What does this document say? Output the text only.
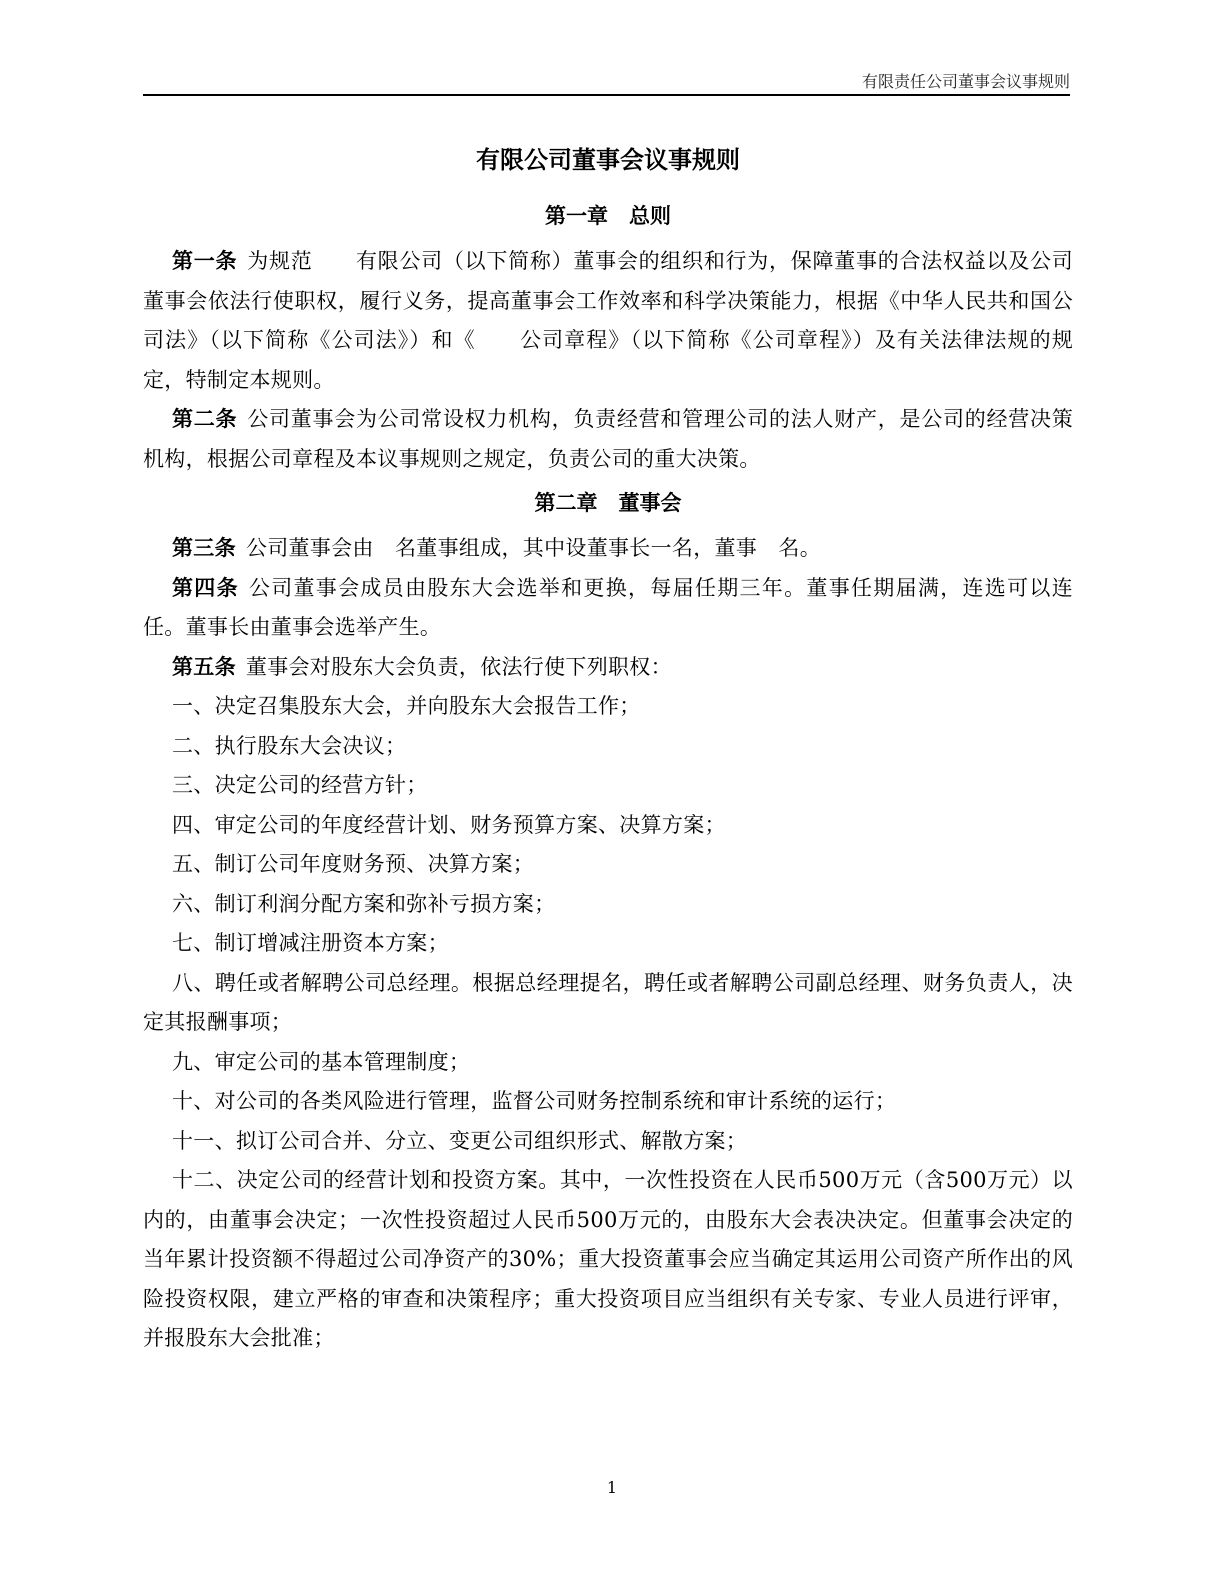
有限责任公司董事会议事规则
有限公司董事会议事规则
第一章　总则

第一条 为规范　　有限公司（以下简称）董事会的组织和行为，保障董事的合法权益以及公司董事会依法行使职权，履行义务，提高董事会工作效率和科学决策能力，根据《中华人民共和国公司法》（以下简称《公司法》）和《　　公司章程》（以下简称《公司章程》）及有关法律法规的规定，特制定本规则。

第二条 公司董事会为公司常设权力机构，负责经营和管理公司的法人财产，是公司的经营决策机构，根据公司章程及本议事规则之规定，负责公司的重大决策。

第二章　董事会

第三条 公司董事会由　名董事组成，其中设董事长一名，董事　名。

第四条 公司董事会成员由股东大会选举和更换，每届任期三年。董事任期届满，连选可以连任。董事长由董事会选举产生。

第五条 董事会对股东大会负责，依法行使下列职权：

一、决定召集股东大会，并向股东大会报告工作；

二、执行股东大会决议；

三、决定公司的经营方针；

四、审定公司的年度经营计划、财务预算方案、决算方案；

五、制订公司年度财务预、决算方案；

六、制订利润分配方案和弥补亏损方案；

七、制订增减注册资本方案；

八、聘任或者解聘公司总经理。根据总经理提名，聘任或者解聘公司副总经理、财务负责人，决定其报酬事项；

九、审定公司的基本管理制度；

十、对公司的各类风险进行管理，监督公司财务控制系统和审计系统的运行；

十一、拟订公司合并、分立、变更公司组织形式、解散方案；

十二、决定公司的经营计划和投资方案。其中，一次性投资在人民币500万元（含500万元）以内的，由董事会决定；一次性投资超过人民币500万元的，由股东大会表决决定。但董事会决定的当年累计投资额不得超过公司净资产的30%；重大投资董事会应当确定其运用公司资产所作出的风险投资权限，建立严格的审查和决策程序；重大投资项目应当组织有关专家、专业人员进行评审，并报股东大会批准；

1
